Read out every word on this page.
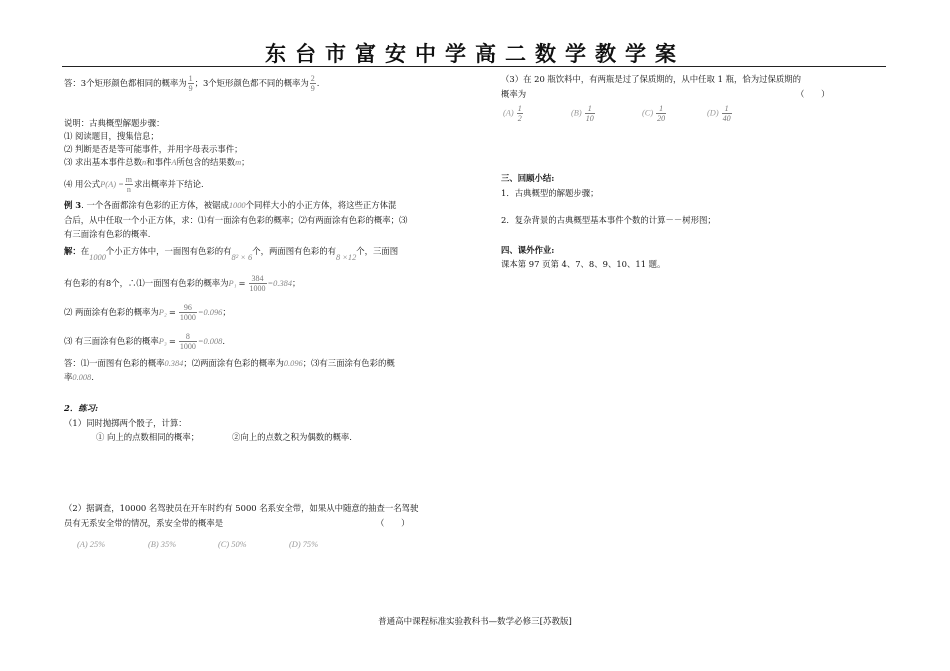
东台市富安中学高二数学教学案
答：3个矩形颜色都相同的概率为 $\frac{1}{9}$ ；3个矩形颜色都不同的概率为 $\frac{2}{9}$ .
说明：古典概型解题步骤：
⑴ 阅读题目，搜集信息；
⑵ 判断是否是等可能事件，并用字母表示事件；
⑶ 求出基本事件总数n和事件A所包含的结果数m；
⑷ 用公式$P(A) = \frac{m}{n}$ 求出概率并下结论.
例 3. 一个各面都涂有色彩的正方体，被锯成1000个同样大小的小正方体，将这些正方体混
合后，从中任取一个小正方体，求：⑴有一面涂有色彩的概率；⑵有两面涂有色彩的概率；⑶
有三面涂有色彩的概率.
解：在1000个小正方体中，一面图有色彩的有8² × 6个，两面图有色彩的有8 ×12个，三面图
有色彩的有8个，∴⑴一面图有色彩的概率为$P_1 = \frac{384}{1000} =0.384$；
⑵ 两面涂有色彩的概率为$P_2 = \frac{96}{1000} =0.096$；
⑶ 有三面涂有色彩的概率$P_3 = \frac{8}{1000} =0.008$.
答：⑴一面图有色彩的概率0.384；⑵两面涂有色彩的概率为0.096；⑶有三面涂有色彩的概
率0.008.
2．练习:
（1）同时抛掷两个骰子，计算：
① 向上的点数相同的概率；	②向上的点数之积为偶数的概率.
（2）据调查，10000 名驾驶员在开车时约有 5000 名系安全带，如果从中随意的抽查一名驾驶
员有无系安全带的情况，系安全带的概率是	（　　）
(A) 25%	(B) 35%	(C) 50%	(D) 75%
（3）在 20 瓶饮料中，有两瓶是过了保质期的，从中任取 1 瓶，恰为过保质期的
概率为	（　　）
$(A) \frac{1}{2}$	$(B) \frac{1}{10}$	$(C) \frac{1}{20}$	$(D) \frac{1}{40}$
三、回顾小结:
1．古典概型的解题步骤；
2．复杂背景的古典概型基本事件个数的计算－－树形图；
四、课外作业:
课本第 97 页第 4、7、8、9、10、11 题。
普通高中课程标准实验教科书—数学必修三[苏教版]
